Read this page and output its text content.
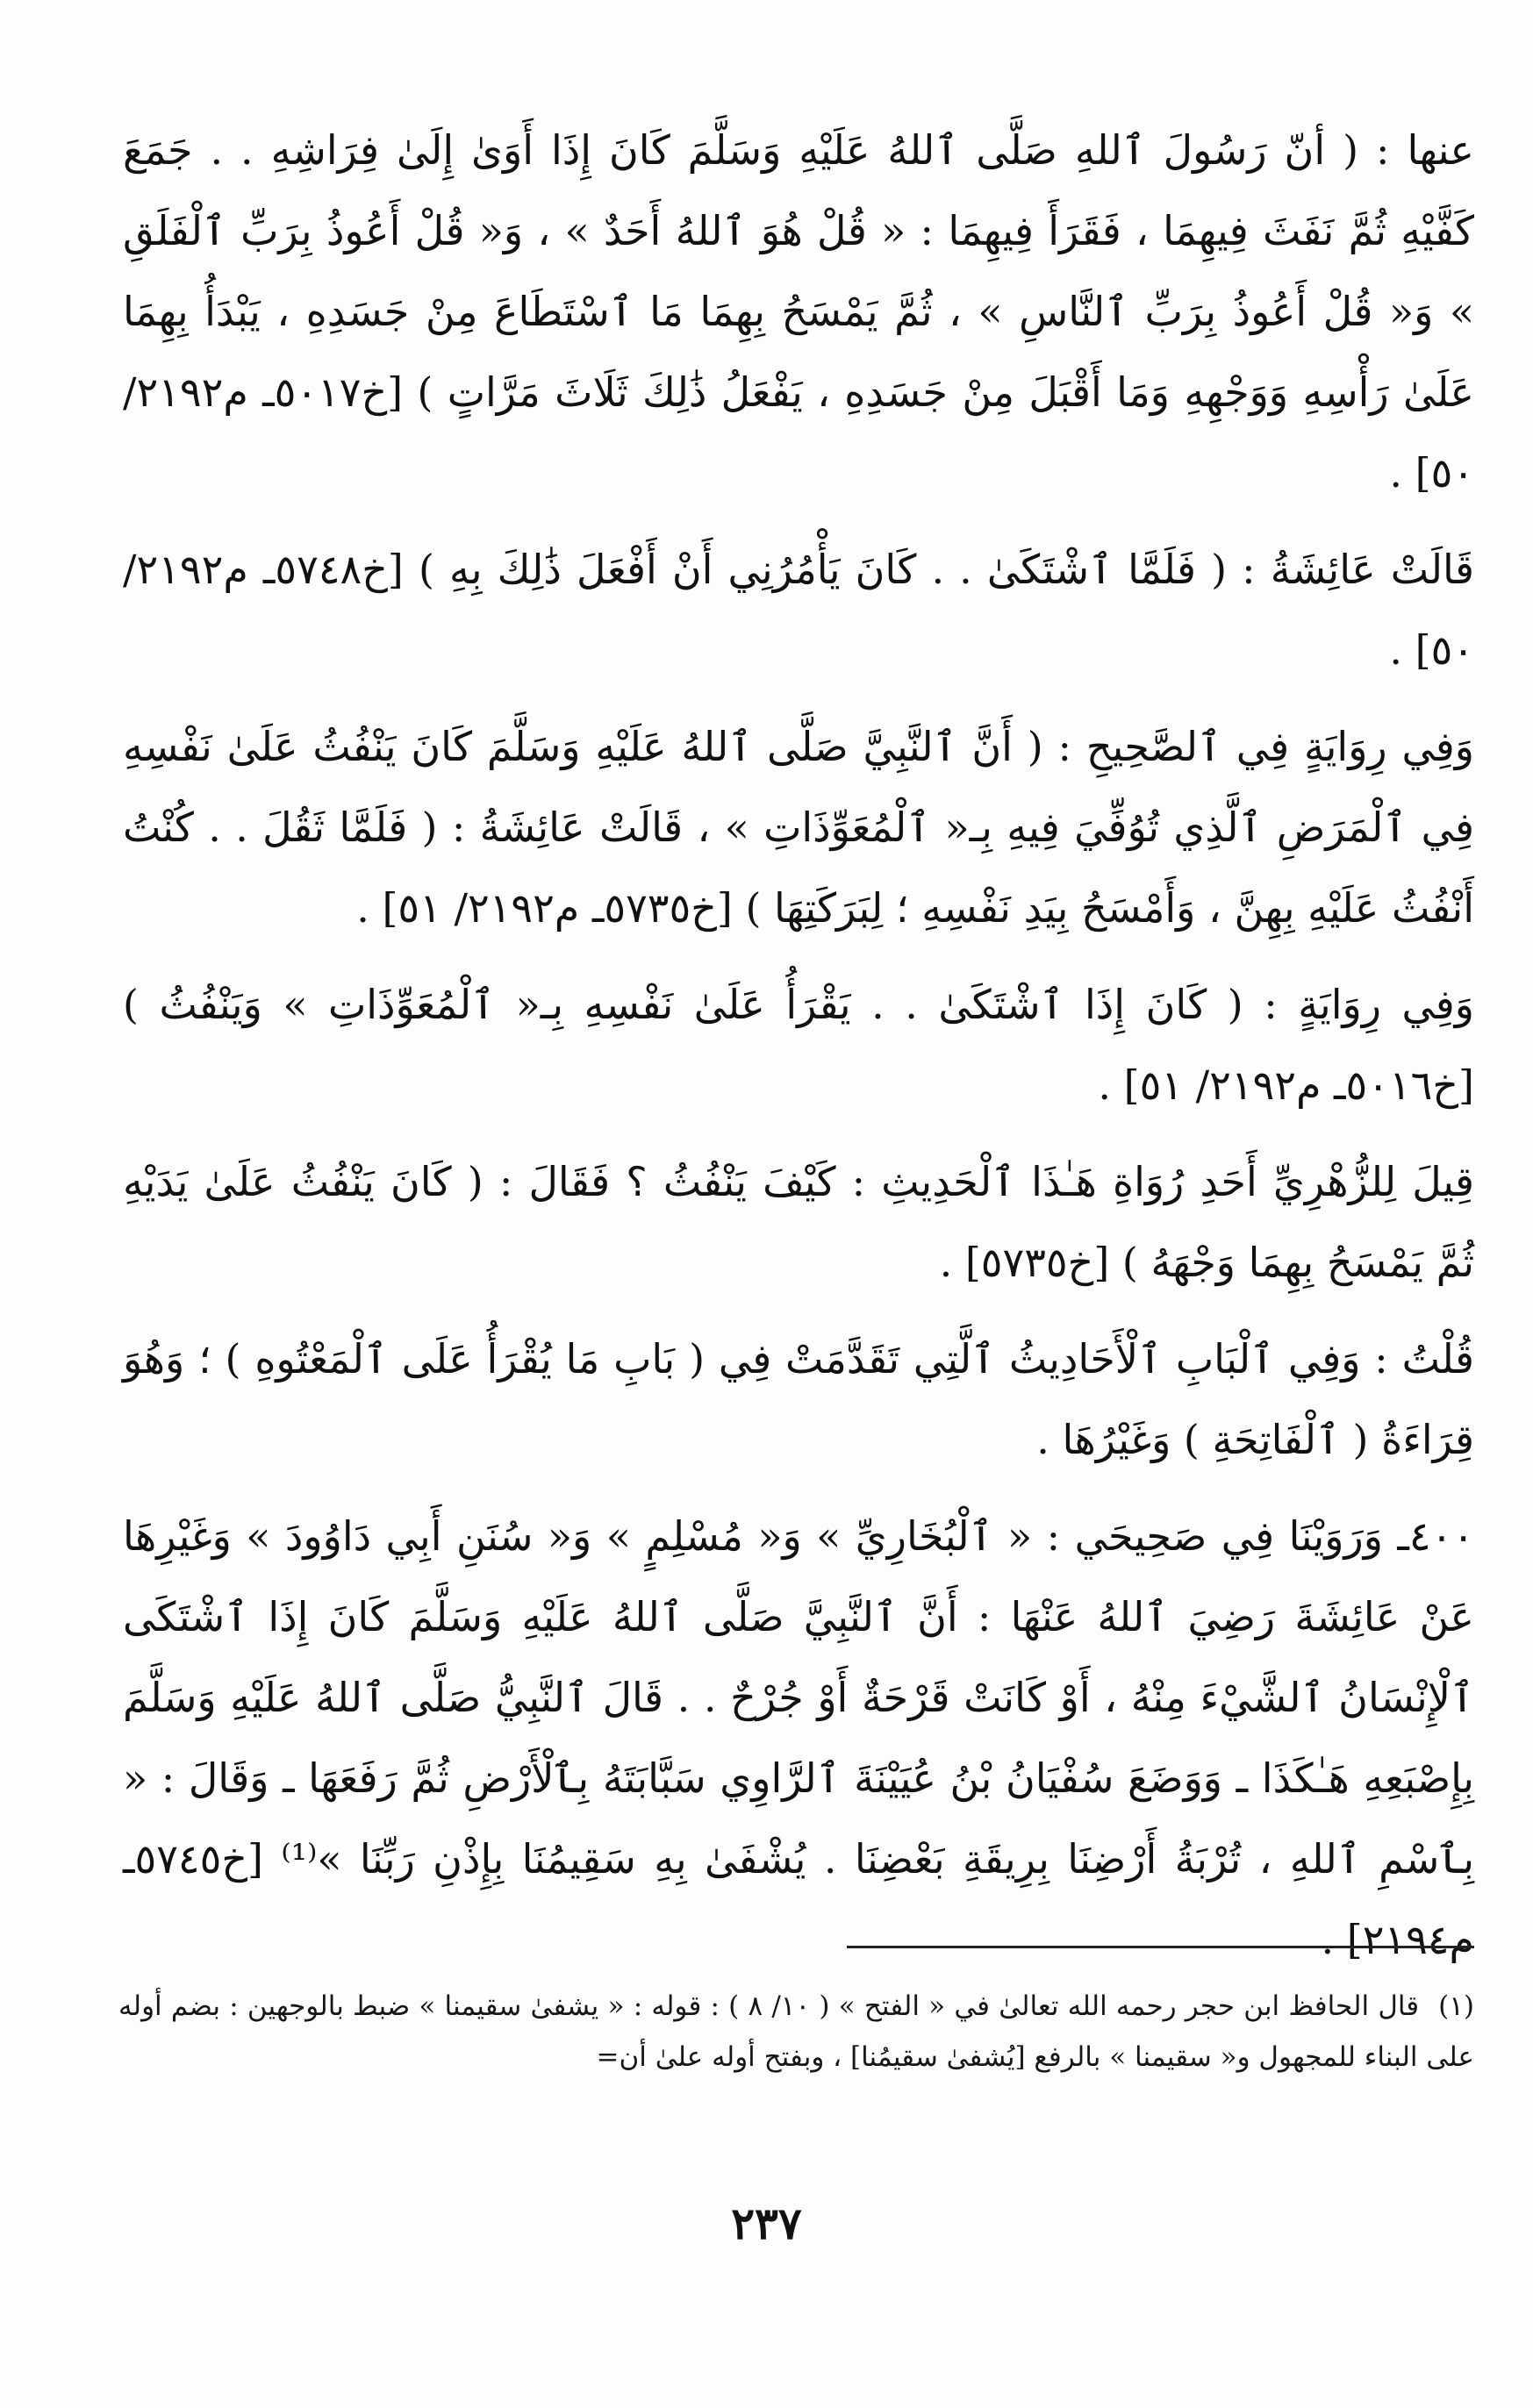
عنها : ( أنّ رَسُولَ ٱللهِ صَلَّى ٱللهُ عَلَيْهِ وَسَلَّمَ كَانَ إِذَا أَوَىٰ إِلَىٰ فِرَاشِهِ . . جَمَعَ كَفَّيْهِ ثُمَّ نَفَثَ فِيهِمَا ، فَقَرَأَ فِيهِمَا : « قُلْ هُوَ ٱللهُ أَحَدٌ » ، وَ« قُلْ أَعُوذُ بِرَبِّ ٱلْفَلَقِ » وَ« قُلْ أَعُوذُ بِرَبِّ ٱلنَّاسِ » ، ثُمَّ يَمْسَحُ بِهِمَا مَا ٱسْتَطَاعَ مِنْ جَسَدِهِ ، يَبْدَأُ بِهِمَا عَلَىٰ رَأْسِهِ وَوَجْهِهِ وَمَا أَقْبَلَ مِنْ جَسَدِهِ ، يَفْعَلُ ذَٰلِكَ ثَلَاثَ مَرَّاتٍ ) [خ٥٠١٧ـ م٢١٩٢/ ٥٠] .

قَالَتْ عَائِشَةُ : ( فَلَمَّا ٱشْتَكَىٰ . . كَانَ يَأْمُرُنِي أَنْ أَفْعَلَ ذَٰلِكَ بِهِ ) [خ٥٧٤٨ـ م٢١٩٢/ ٥٠] .

وَفِي رِوَايَةٍ فِي ٱلصَّحِيحِ : ( أَنَّ ٱلنَّبِيَّ صَلَّى ٱللهُ عَلَيْهِ وَسَلَّمَ كَانَ يَنْفُثُ عَلَىٰ نَفْسِهِ فِي ٱلْمَرَضِ ٱلَّذِي تُوُفِّيَ فِيهِ بِـ« ٱلْمُعَوِّذَاتِ » ، قَالَتْ عَائِشَةُ : ( فَلَمَّا ثَقُلَ . . كُنْتُ أَنْفُثُ عَلَيْهِ بِهِنَّ ، وَأَمْسَحُ بِيَدِ نَفْسِهِ ؛ لِبَرَكَتِهَا ) [خ٥٧٣٥ـ م٢١٩٢/ ٥١] .

وَفِي رِوَايَةٍ : ( كَانَ إِذَا ٱشْتَكَىٰ . . يَقْرَأُ عَلَىٰ نَفْسِهِ بِـ« ٱلْمُعَوِّذَاتِ » وَيَنْفُثُ ) [خ٥٠١٦ـ م٢١٩٢/ ٥١] .

قِيلَ لِلزُّهْرِيِّ أَحَدِ رُوَاةِ هَـٰذَا ٱلْحَدِيثِ : كَيْفَ يَنْفُثُ ؟ فَقَالَ : ( كَانَ يَنْفُثُ عَلَىٰ يَدَيْهِ ثُمَّ يَمْسَحُ بِهِمَا وَجْهَهُ ) [خ٥٧٣٥] .

قُلْتُ : وَفِي ٱلْبَابِ ٱلْأَحَادِيثُ ٱلَّتِي تَقَدَّمَتْ فِي ( بَابِ مَا يُقْرَأُ عَلَى ٱلْمَعْتُوهِ ) ؛ وَهُوَ قِرَاءَةُ ( ٱلْفَاتِحَةِ ) وَغَيْرُهَا .

٤٠٠ـ وَرَوَيْنَا فِي صَحِيحَي : « ٱلْبُخَارِيِّ » وَ« مُسْلِمٍ » وَ« سُنَنِ أَبِي دَاوُودَ » وَغَيْرِهَا عَنْ عَائِشَةَ رَضِيَ ٱللهُ عَنْهَا : أَنَّ ٱلنَّبِيَّ صَلَّى ٱللهُ عَلَيْهِ وَسَلَّمَ كَانَ إِذَا ٱشْتَكَى ٱلْإِنْسَانُ ٱلشَّيْءَ مِنْهُ ، أَوْ كَانَتْ قَرْحَةٌ أَوْ جُرْحٌ . . قَالَ ٱلنَّبِيُّ صَلَّى ٱللهُ عَلَيْهِ وَسَلَّمَ بِإِصْبَعِهِ هَـٰكَذَا ـ وَوَضَعَ سُفْيَانُ بْنُ عُيَيْنَةَ ٱلرَّاوِي سَبَّابَتَهُ بِٱلْأَرْضِ ثُمَّ رَفَعَهَا ـ وَقَالَ : « بِٱسْمِ ٱللهِ ، تُرْبَةُ أَرْضِنَا بِرِيقَةِ بَعْضِنَا . يُشْفَىٰ بِهِ سَقِيمُنَا بِإِذْنِ رَبِّنَا »⁽¹⁾ [خ٥٧٤٥ـ م٢١٩٤] .

(١)قال الحافظ ابن حجر رحمه الله تعالىٰ في « الفتح » ( ١٠/ ٨ ) : قوله : « يشفىٰ سقيمنا » ضبط بالوجهين : بضم أوله على البناء للمجهول و« سقيمنا » بالرفع [يُشفىٰ سقيمُنا] ، وبفتح أوله علىٰ أن=

٢٣٧
